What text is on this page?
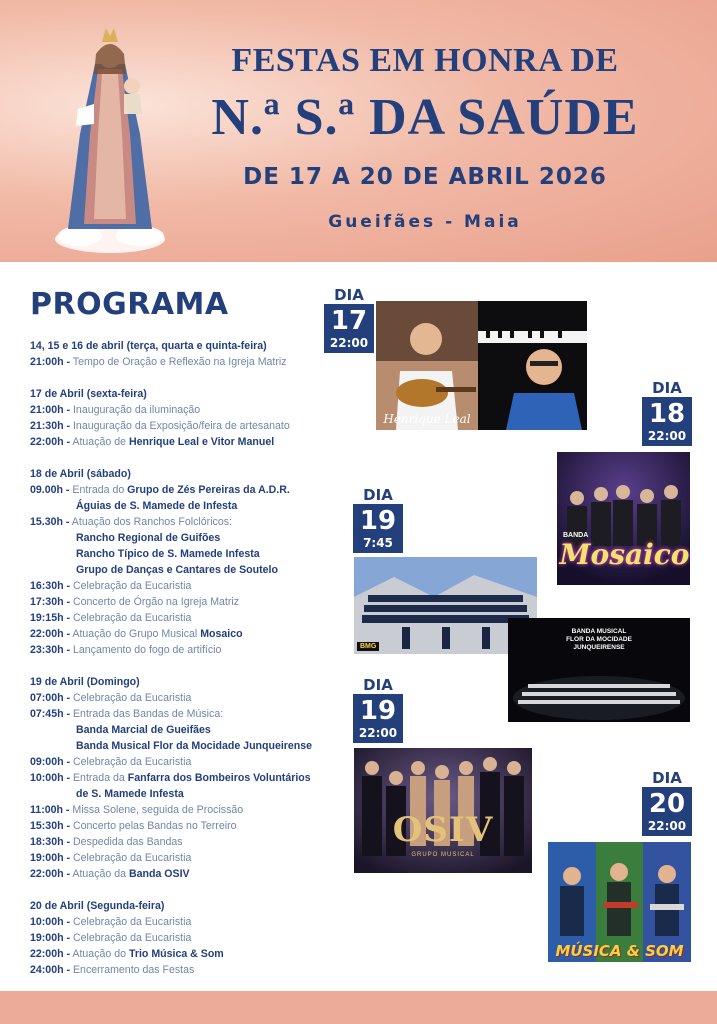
FESTAS EM HONRA DE
N.ª S.ª DA SAÚDE
DE 17 A 20 DE ABRIL 2026
Gueifães - Maia
PROGRAMA
14, 15 e 16 de abril (terça, quarta e quinta-feira)
21:00h - Tempo de Oração e Reflexão na Igreja Matriz
17 de Abril (sexta-feira)
21:00h - Inauguração da iluminação
21:30h - Inauguração da Exposição/feira de artesanato
22:00h - Atuação de Henrique Leal e Vitor Manuel
18 de Abril (sábado)
09.00h - Entrada do Grupo de Zés Pereiras da A.D.R.
Águias de S. Mamede de Infesta
15.30h - Atuação dos Ranchos Folclóricos:
Rancho Regional de Guifões
Rancho Típico de S. Mamede Infesta
Grupo de Danças e Cantares de Soutelo
16:30h - Celebração da Eucaristia
17:30h - Concerto de Órgão na Igreja Matriz
19:15h - Celebração da Eucaristia
22:00h - Atuação do Grupo Musical Mosaico
23:30h - Lançamento do fogo de artifício
19 de Abril (Domingo)
07:00h - Celebração da Eucaristia
07:45h - Entrada das Bandas de Música:
Banda Marcial de Gueifães
Banda Musical Flor da Mocidade Junqueirense
09:00h - Celebração da Eucaristia
10:00h - Entrada da Fanfarra dos Bombeiros Voluntários
de S. Mamede Infesta
11:00h - Missa Solene, seguida de Procissão
15:30h - Concerto pelas Bandas no Terreiro
18:30h - Despedida das Bandas
19:00h - Celebração da Eucaristia
22:00h - Atuação da Banda OSIV
20 de Abril (Segunda-feira)
10:00h - Celebração da Eucaristia
19:00h - Celebração da Eucaristia
22:00h - Atuação do Trio Música & Som
24:00h - Encerramento das Festas
DIA
17
22:00
DIA
18
22:00
DIA
19
7:45
DIA
19
22:00
DIA
20
22:00
Henrique Leal
BANDA
Mosaico
BMG
BANDA MUSICAL
FLOR DA MOCIDADE
JUNQUEIRENSE
OSIV
GRUPO MUSICAL
MÚSICA & SOM
